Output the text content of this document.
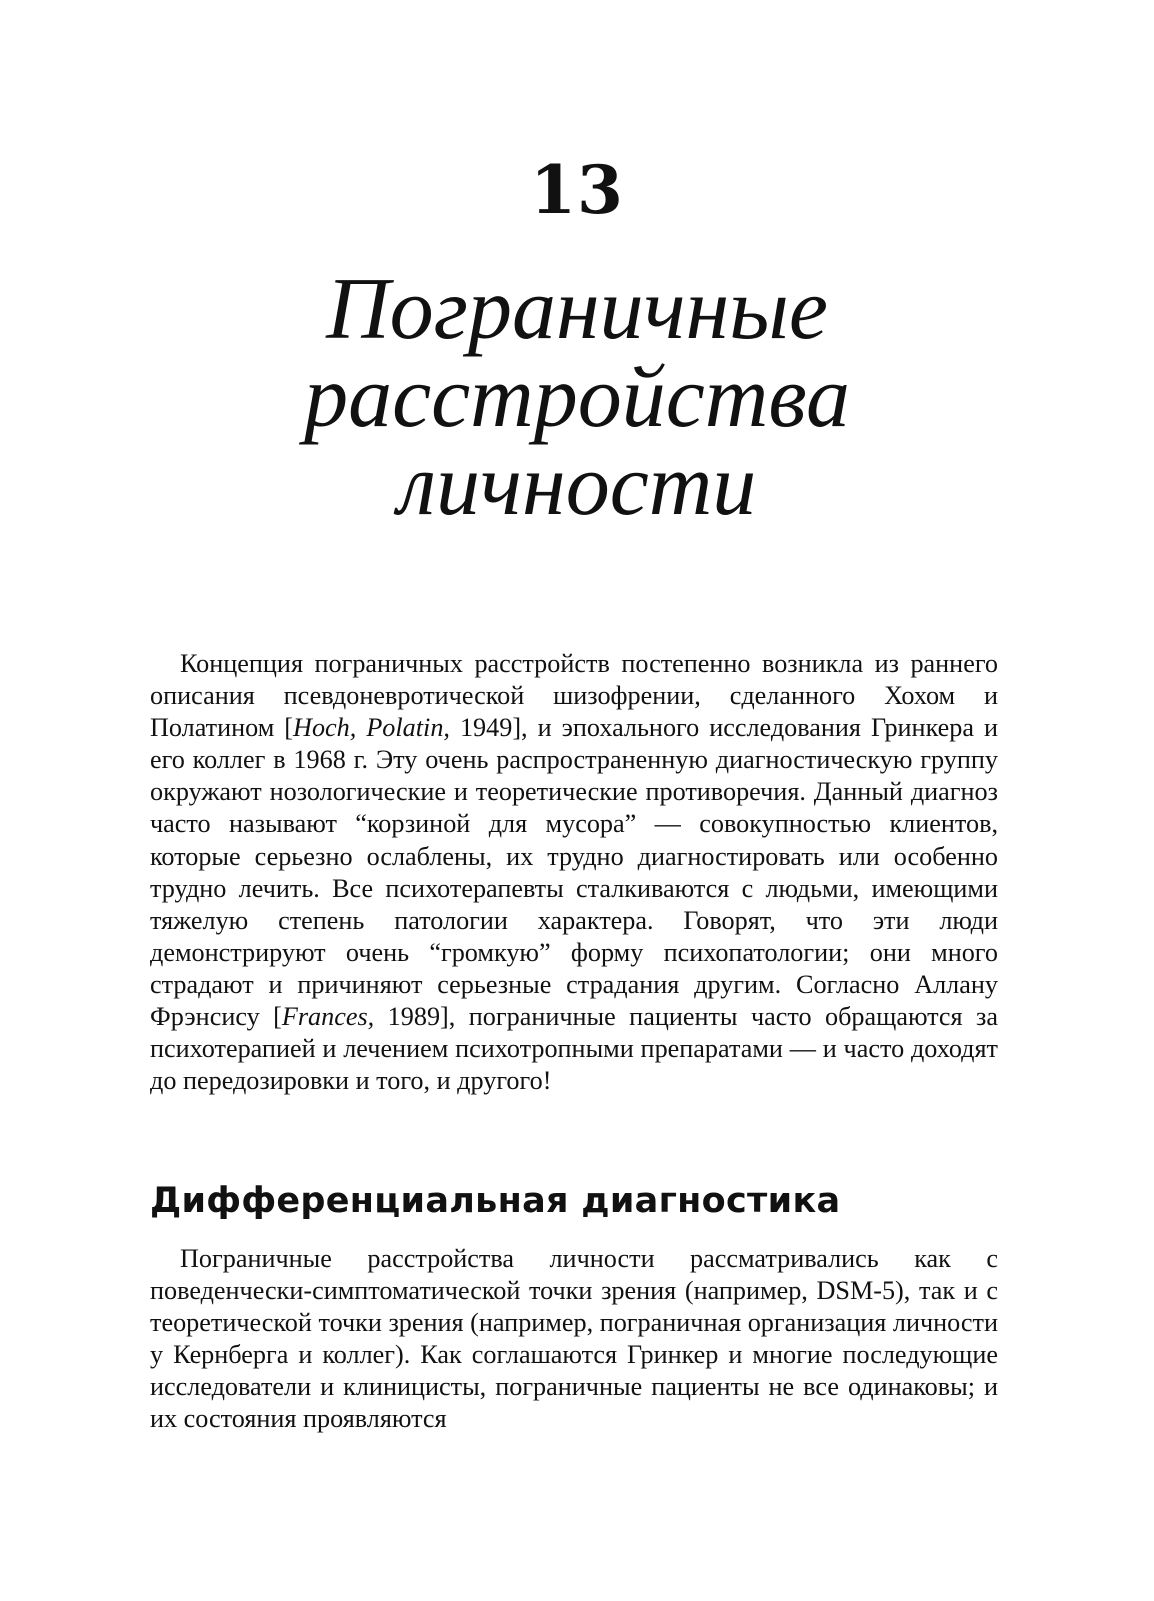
13
Пограничные
расстройства
личности

Концепция пограничных расстройств постепенно возникла из раннего описания псевдоневротической шизофрении, сделанного Хохом и Полатином [Hoch, Polatin, 1949], и эпохального исследования Гринкера и его коллег в 1968 г. Эту очень распространенную диагностическую группу окружают нозологические и теоретические противоречия. Данный диагноз часто называют “корзиной для мусора” — совокупностью клиентов, которые серьезно ослаблены, их трудно диагностировать или особенно трудно лечить. Все психотерапевты сталкиваются с людьми, имеющими тяжелую степень патологии характера. Говорят, что эти люди демонстрируют очень “громкую” форму психопатологии; они много страдают и причиняют серьезные страдания другим. Согласно Аллану Фрэнсису [Frances, 1989], пограничные пациенты часто обращаются за психотерапией и лечением психотропными препаратами — и часто доходят до передозировки и того, и другого!

Дифференциальная диагностика

Пограничные расстройства личности рассматривались как с поведенчески-симптоматической точки зрения (например, DSM-5), так и с теоретической точки зрения (например, пограничная организация личности у Кернберга и коллег). Как соглашаются Гринкер и многие последующие исследователи и клиницисты, пограничные пациенты не все одинаковы; и их состояния проявляются
